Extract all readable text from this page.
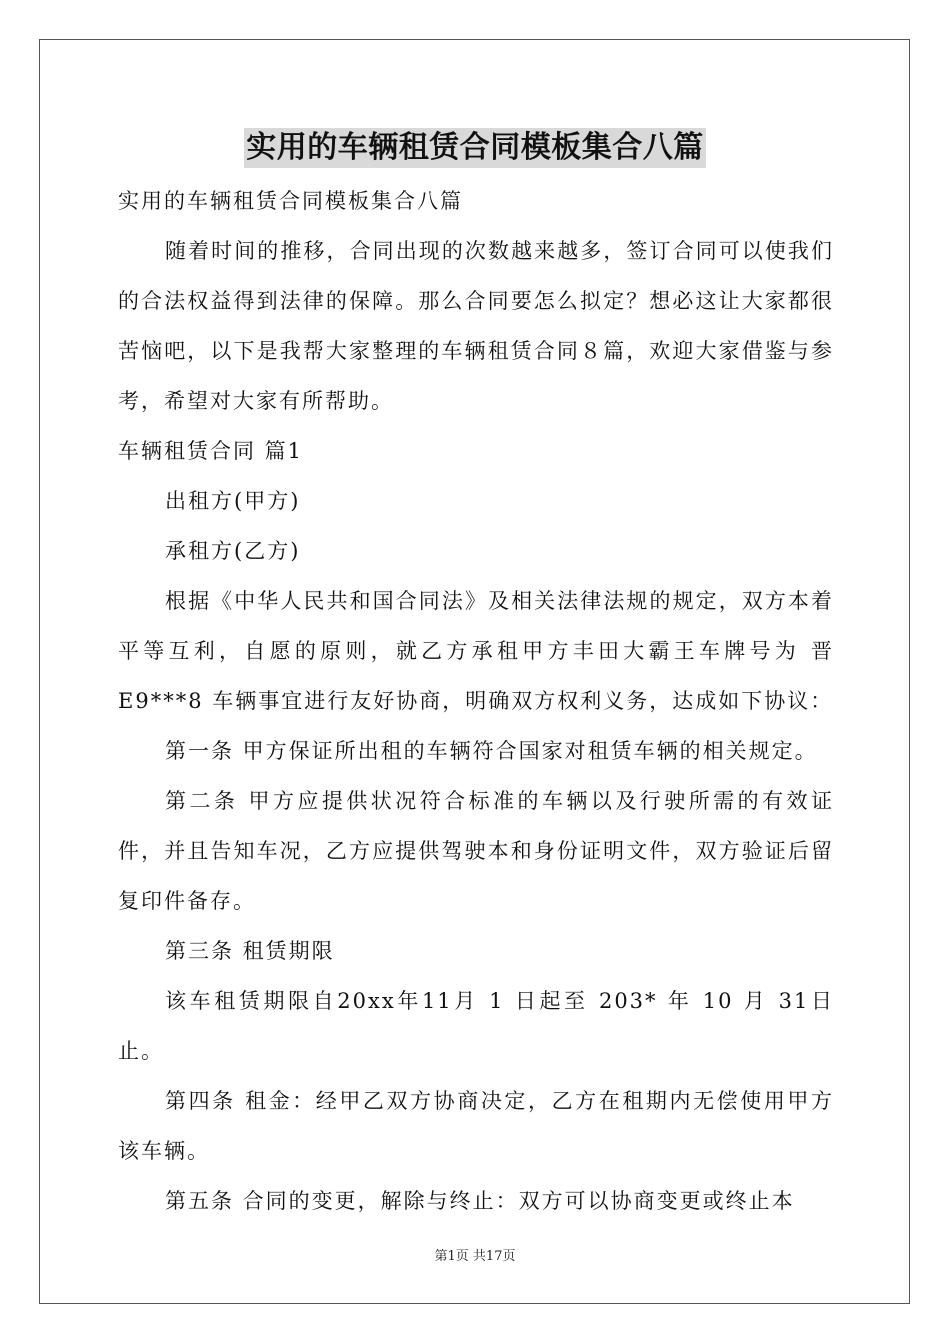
实用的车辆租赁合同模板集合八篇

实用的车辆租赁合同模板集合八篇

随着时间的推移，合同出现的次数越来越多，签订合同可以使我们的合法权益得到法律的保障。那么合同要怎么拟定？想必这让大家都很苦恼吧，以下是我帮大家整理的车辆租赁合同８篇，欢迎大家借鉴与参考，希望对大家有所帮助。

车辆租赁合同 篇1

出租方(甲方)

承租方(乙方)

根据《中华人民共和国合同法》及相关法律法规的规定，双方本着平等互利，自愿的原则，就乙方承租甲方丰田大霸王车牌号为 晋E9***8 车辆事宜进行友好协商，明确双方权利义务，达成如下协议：

第一条 甲方保证所出租的车辆符合国家对租赁车辆的相关规定。

第二条 甲方应提供状况符合标准的车辆以及行驶所需的有效证件，并且告知车况，乙方应提供驾驶本和身份证明文件，双方验证后留复印件备存。

第三条 租赁期限

该车租赁期限自20xx年11月 1 日起至 203* 年 10 月 31日止。

第四条 租金：经甲乙双方协商决定，乙方在租期内无偿使用甲方该车辆。

第五条 合同的变更，解除与终止：双方可以协商变更或终止本

第1页 共17页
